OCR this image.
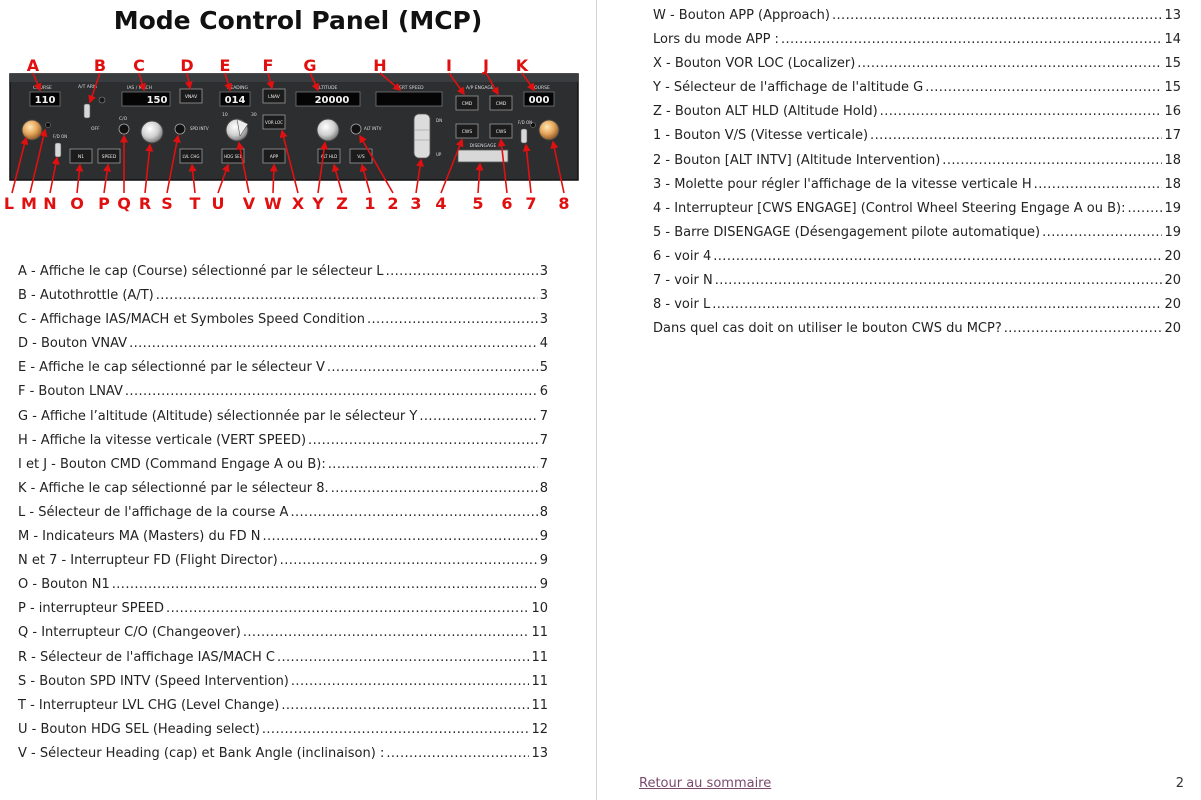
Mode Control Panel (MCP)
COURSE	A/T ARM
OFF
IAS / MACH	HEADING	ALTITUDE	VERT SPEED	A/P ENGAGE	COURSE
110	150	014	20000	000
VNAV	LNAV
VOR LOC
APP
CMD	CMD
CWS	CWS
N1	SPEED	LVL CHG	HDG SEL	ALT HLD	V/S
10	30
C/O
SPD INTV	ALT INTV
F/D ON
F/D ON
DN
UP
DISENGAGE
A	B C D E F G	H	I J K
L M N O P Q R S T U V W X Y Z 1 2 3 4 5 6 7 8
A - Affiche le cap (Course) sélectionné par le sélecteur L .....	3
B - Autothrottle (A/T) .....	3
C - Affichage IAS/MACH et Symboles Speed Condition .....	3
D - Bouton VNAV .....	4
E - Affiche le cap sélectionné par le sélecteur V .....	5
F - Bouton LNAV .....	6
G - Affiche l’altitude (Altitude) sélectionnée par le sélecteur Y .....	7
H - Affiche la vitesse verticale (VERT SPEED) .....	7
I et J - Bouton CMD (Command Engage A ou B): .....	7
K - Affiche le cap sélectionné par le sélecteur 8. .....	8
L - Sélecteur de l'affichage de la course A .....	8
M - Indicateurs MA (Masters) du FD N .....	9
N et 7 - Interrupteur FD (Flight Director) .....	9
O - Bouton N1 .....	9
P - interrupteur SPEED .....	10
Q - Interrupteur C/O (Changeover) .....	11
R - Sélecteur de l'affichage IAS/MACH C .....	11
S - Bouton SPD INTV (Speed Intervention) .....	11
T - Interrupteur LVL CHG (Level Change) .....	11
U - Bouton HDG SEL (Heading select) .....	12
V - Sélecteur Heading (cap) et Bank Angle (inclinaison) : .....	13
W - Bouton APP (Approach) .....	13
Lors du mode APP : .....	14
X - Bouton VOR LOC (Localizer) .....	15
Y - Sélecteur de l'affichage de l'altitude G .....	15
Z - Bouton ALT HLD (Altitude Hold) .....	16
1 - Bouton V/S (Vitesse verticale) .....	17
2 - Bouton [ALT INTV] (Altitude Intervention) .....	18
3 - Molette pour régler l'affichage de la vitesse verticale H .....	18
4 - Interrupteur [CWS ENGAGE] (Control Wheel Steering Engage A ou B): .....	19
5 - Barre DISENGAGE (Désengagement pilote automatique) .....	19
6 - voir 4 .....	20
7 - voir N .....	20
8 - voir L .....	20
Dans quel cas doit on utiliser le bouton CWS du MCP? .....	20
Retour au sommaire	2
